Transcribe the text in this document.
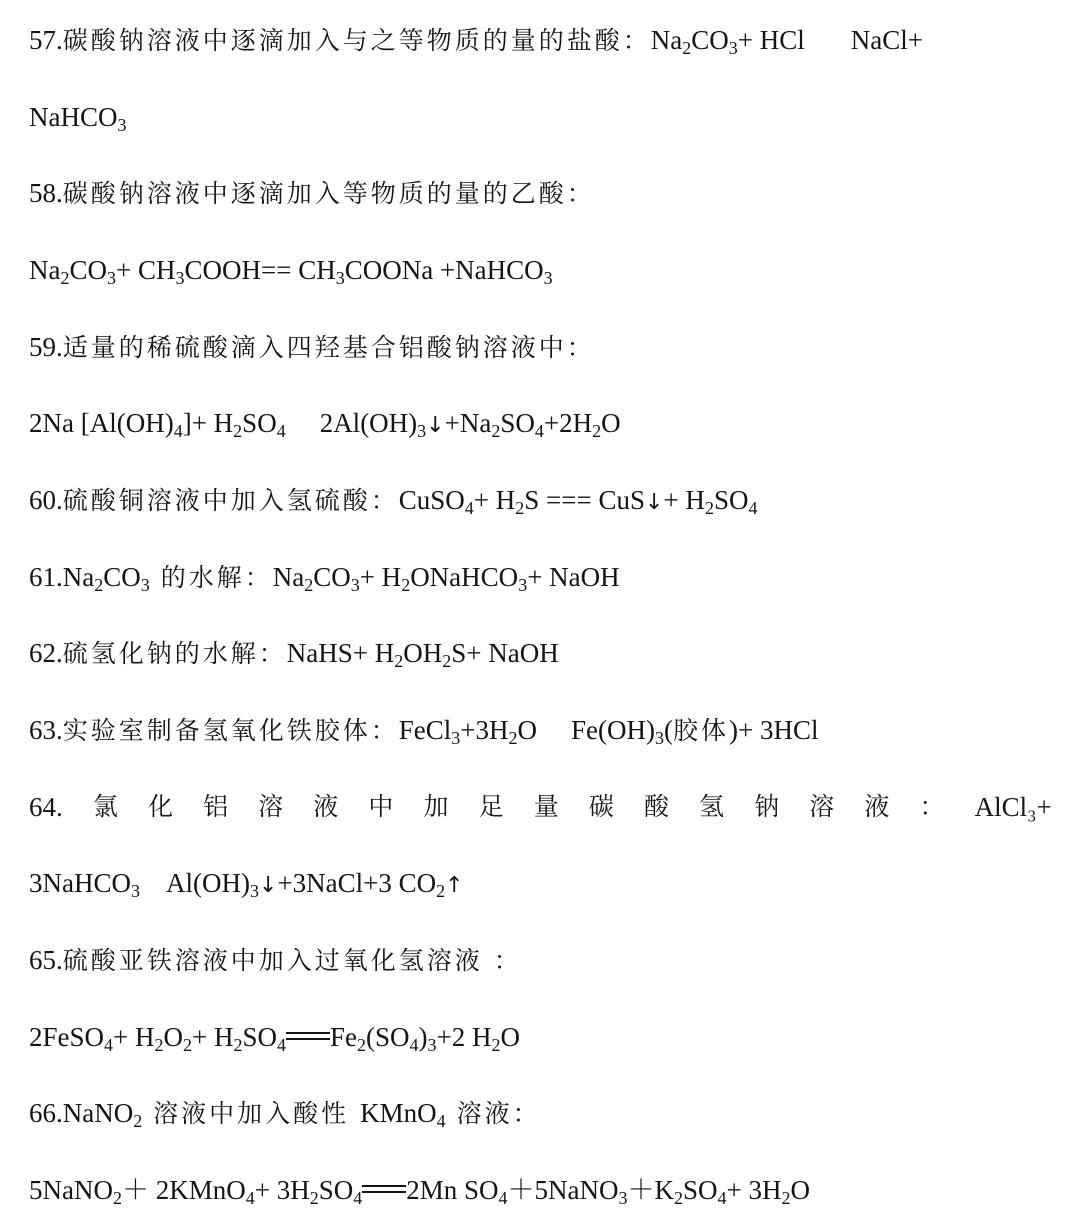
57.碳酸钠溶液中逐滴加入与之等物质的量的盐酸：$Na_2CO_3+$ HCl NaCl+
NaHCO$_3$
58.碳酸钠溶液中逐滴加入等物质的量的乙酸：
$Na_2CO_3+$ $CH_3COOH==$ $CH_3COONa$ +NaHCO$_3$
59.适量的稀硫酸滴入四羟基合铝酸钠溶液中：
2Na $[Al(OH)_4]+ H_2SO_4$ $2Al(OH)_3↓+Na_2SO_4+2H_2O$
60.硫酸铜溶液中加入氢硫酸：CuSO$_4$+ $H_2S$ === CuS↓+ $H_2SO_4$
$61.Na_2CO_3$ 的水解：$Na_2CO_3+$ $H_2ONaHCO_3+$ NaOH
62.硫氢化钠的水解：NaHS+ $H_2OH_2S+$ NaOH
63.实验室制备氢氧化铁胶体：$FeCl_3+3H_2O$ $Fe(OH)_3$(胶体)+ 3HCl
64. 氯 化 铝 溶 液 中 加 足 量 碳 酸 氢 钠 溶 液 ： AlCl₃+
3NaHCO$_3$ $Al(OH)_3↓+3NaCl+3$ $CO_2↑$
65.硫酸亚铁溶液中加入过氧化氢溶液 ：
2FeSO$_4$+ $H_2O_2+ H_2SO_4$ $Fe_2(SO_4)_3+2$ $H_2O$
66.NaNO$_2$ 溶液中加入酸性 KMnO$_4$ 溶液：
5NaNO$_2$＋ 2KMnO$_4$+ $3H_2SO_4$ 2Mn $SO_4+5NaNO_3+K_2SO_4+ 3H_2O$
